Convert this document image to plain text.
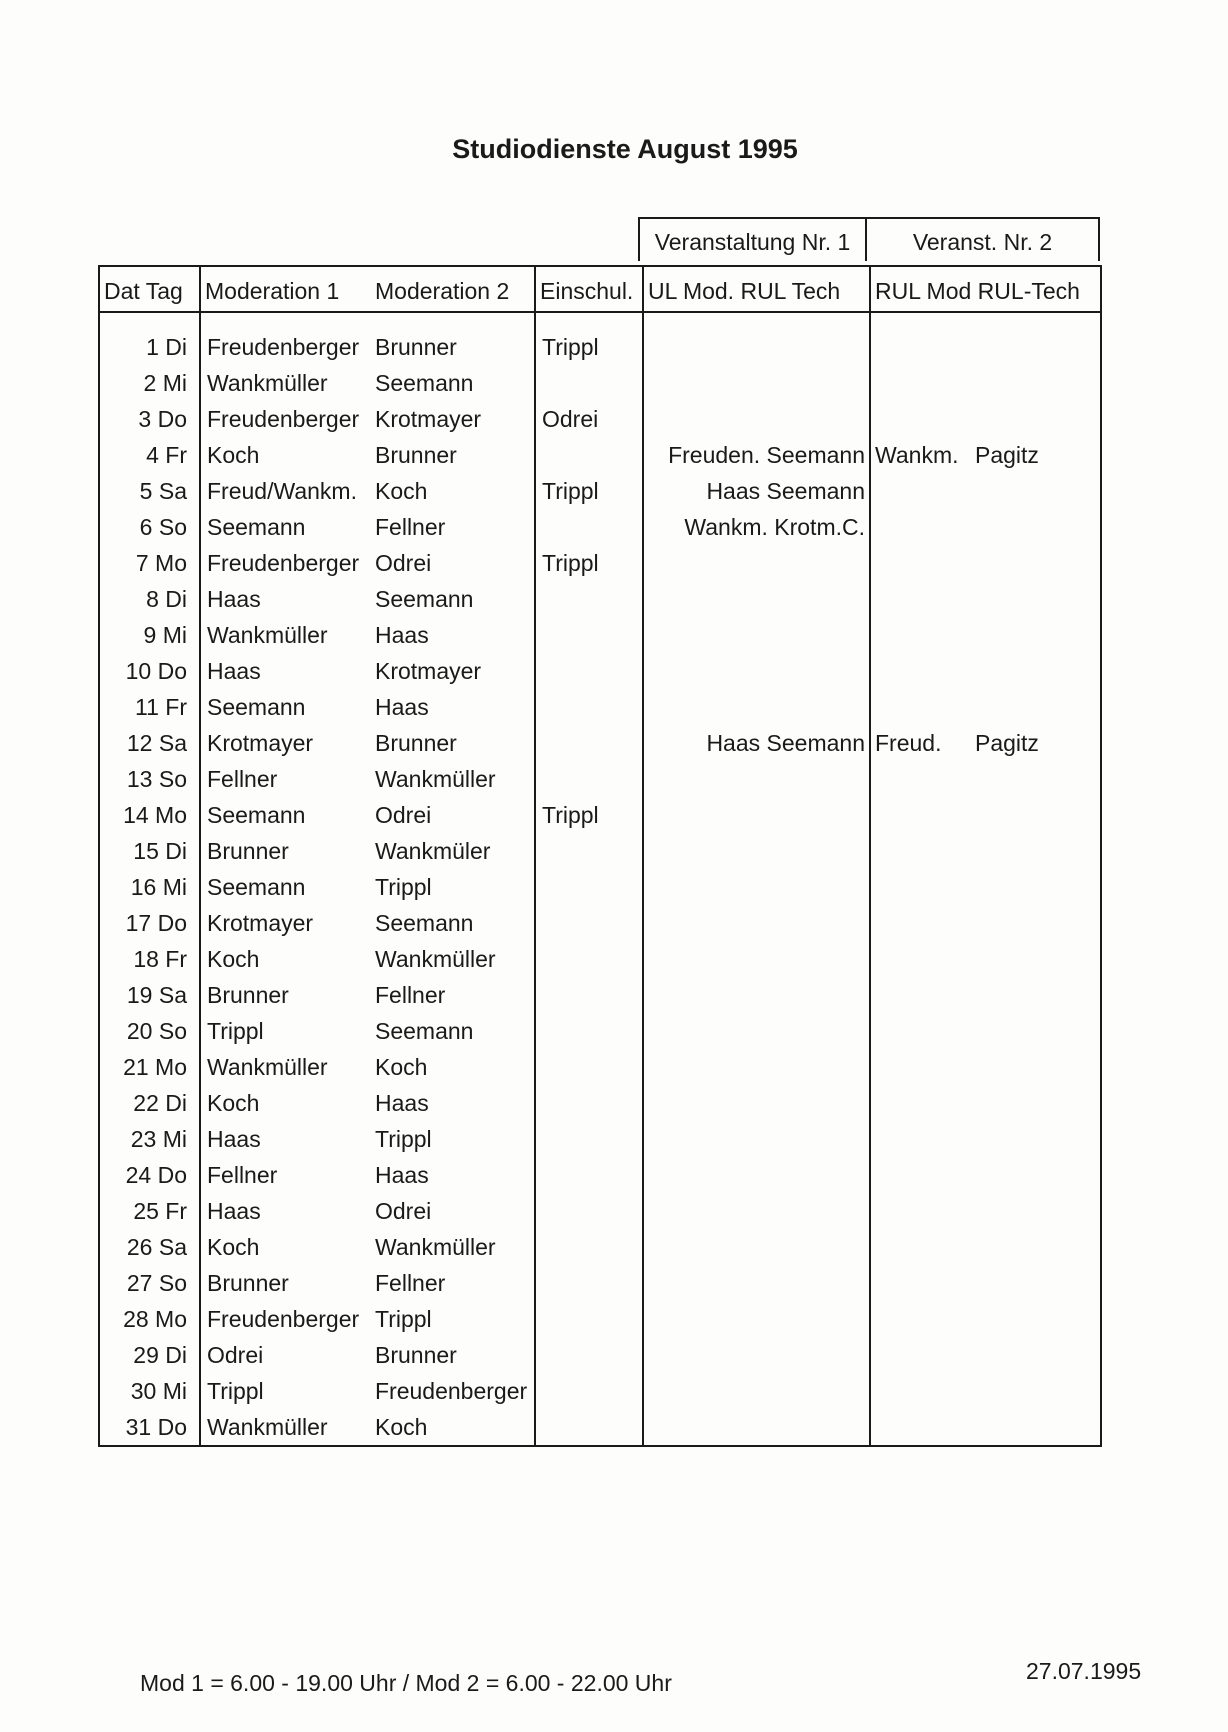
Studiodienste August 1995
Veranstaltung Nr. 1	Veranst. Nr. 2
Dat Tag	Moderation 1	Moderation 2	Einschul.	UL Mod. RUL Tech	RUL Mod RUL-Tech
1 Di	Freudenberger	Brunner	Trippl		
2 Mi	Wankmüller	Seemann			
3 Do	Freudenberger	Krotmayer	Odrei		
4 Fr	Koch	Brunner		Freuden. Seemann	Wankm. Pagitz
5 Sa	Freud/Wankm.	Koch	Trippl	Haas Seemann	
6 So	Seemann	Fellner		Wankm. Krotm.C.	
7 Mo	Freudenberger	Odrei	Trippl		
8 Di	Haas	Seemann			
9 Mi	Wankmüller	Haas			
10 Do	Haas	Krotmayer			
11 Fr	Seemann	Haas			
12 Sa	Krotmayer	Brunner		Haas Seemann	Freud. Pagitz
13 So	Fellner	Wankmüller			
14 Mo	Seemann	Odrei	Trippl		
15 Di	Brunner	Wankmüler			
16 Mi	Seemann	Trippl			
17 Do	Krotmayer	Seemann			
18 Fr	Koch	Wankmüller			
19 Sa	Brunner	Fellner			
20 So	Trippl	Seemann			
21 Mo	Wankmüller	Koch			
22 Di	Koch	Haas			
23 Mi	Haas	Trippl			
24 Do	Fellner	Haas			
25 Fr	Haas	Odrei			
26 Sa	Koch	Wankmüller			
27 So	Brunner	Fellner			
28 Mo	Freudenberger	Trippl			
29 Di	Odrei	Brunner			
30 Mi	Trippl	Freudenberger			
31 Do	Wankmüller	Koch			
Mod 1 = 6.00 - 19.00 Uhr / Mod 2 = 6.00 - 22.00 Uhr	27.07.1995
